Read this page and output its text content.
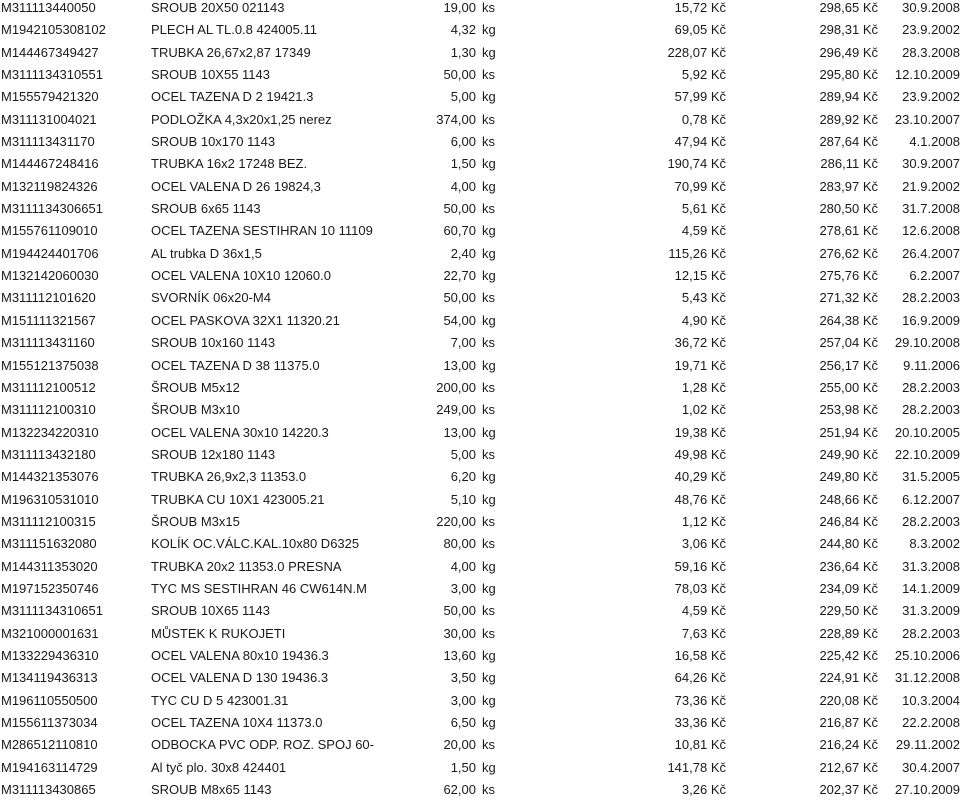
M311113440050	SROUB 20X50 021143	19,00 ks	15,72 Kč	298,65 Kč	30.9.2008
M194210530810​2	PLECH AL TL.0.8 424005.11	4,32 kg	69,05 Kč	298,31 Kč	23.9.2002
M144467349427	TRUBKA 26,67x2,87 17349	1,30 kg	228,07 Kč	296,49 Kč	28.3.2008
M311113431055​1	SROUB 10X55 1143	50,00 ks	5,92 Kč	295,80 Kč	12.10.2009
M155579421320	OCEL TAZENA D 2 19421.3	5,00 kg	57,99 Kč	289,94 Kč	23.9.2002
M311131004021	PODLOŽKA 4,3x20x1,25 nerez	374,00 ks	0,78 Kč	289,92 Kč	23.10.2007
M311113431170	SROUB 10x170 1143	6,00 ks	47,94 Kč	287,64 Kč	4.1.2008
M144467248416	TRUBKA 16x2 17248 BEZ.	1,50 kg	190,74 Kč	286,11 Kč	30.9.2007
M132119824326	OCEL VALENA D 26 19824,3	4,00 kg	70,99 Kč	283,97 Kč	21.9.2002
M311113430665​1	SROUB 6x65 1143	50,00 ks	5,61 Kč	280,50 Kč	31.7.2008
M155761109010	OCEL TAZENA SESTIHRAN 10 11109	60,70 kg	4,59 Kč	278,61 Kč	12.6.2008
M194424401706	AL trubka D 36x1,5	2,40 kg	115,26 Kč	276,62 Kč	26.4.2007
M132142060030	OCEL VALENA 10X10 12060.0	22,70 kg	12,15 Kč	275,76 Kč	6.2.2007
M311112101620	SVORNÍK 06x20-M4	50,00 ks	5,43 Kč	271,32 Kč	28.2.2003
M151111321567	OCEL PASKOVA 32X1 11320.21	54,00 kg	4,90 Kč	264,38 Kč	16.9.2009
M311113431160	SROUB 10x160 1143	7,00 ks	36,72 Kč	257,04 Kč	29.10.2008
M155121375038	OCEL TAZENA D 38 11375.0	13,00 kg	19,71 Kč	256,17 Kč	9.11.2006
M311112100512	ŠROUB M5x12	200,00 ks	1,28 Kč	255,00 Kč	28.2.2003
M311112100310	ŠROUB M3x10	249,00 ks	1,02 Kč	253,98 Kč	28.2.2003
M132234220310	OCEL VALENA 30x10 14220.3	13,00 kg	19,38 Kč	251,94 Kč	20.10.2005
M311113432180	SROUB 12x180 1143	5,00 ks	49,98 Kč	249,90 Kč	22.10.2009
M144321353076	TRUBKA 26,9x2,3 11353.0	6,20 kg	40,29 Kč	249,80 Kč	31.5.2005
M196310531010	TRUBKA CU 10X1 423005.21	5,10 kg	48,76 Kč	248,66 Kč	6.12.2007
M311112100315	ŠROUB M3x15	220,00 ks	1,12 Kč	246,84 Kč	28.2.2003
M311151632080	KOLÍK OC.VÁLC.KAL.10x80 D6325	80,00 ks	3,06 Kč	244,80 Kč	8.3.2002
M144311353020	TRUBKA 20x2 11353.0 PRESNA	4,00 kg	59,16 Kč	236,64 Kč	31.3.2008
M197152350746	TYC MS SESTIHRAN 46 CW614N.M	3,00 kg	78,03 Kč	234,09 Kč	14.1.2009
M311113431065​1	SROUB 10X65 1143	50,00 ks	4,59 Kč	229,50 Kč	31.3.2009
M321000001631	MŮSTEK K RUKOJETI	30,00 ks	7,63 Kč	228,89 Kč	28.2.2003
M133229436310	OCEL VALENA 80x10 19436.3	13,60 kg	16,58 Kč	225,42 Kč	25.10.2006
M134119436313	OCEL VALENA D 130 19436.3	3,50 kg	64,26 Kč	224,91 Kč	31.12.2008
M196110550500	TYC CU D 5 423001.31	3,00 kg	73,36 Kč	220,08 Kč	10.3.2004
M155611373034	OCEL TAZENA 10X4 11373.0	6,50 kg	33,36 Kč	216,87 Kč	22.2.2008
M286512110810	ODBOCKA PVC ODP. ROZ. SPOJ 60-	20,00 ks	10,81 Kč	216,24 Kč	29.11.2002
M194163114729	Al tyč plo. 30x8 424401	1,50 kg	141,78 Kč	212,67 Kč	30.4.2007
M311113430865	SROUB M8x65 1143	62,00 ks	3,26 Kč	202,37 Kč	27.10.2009
